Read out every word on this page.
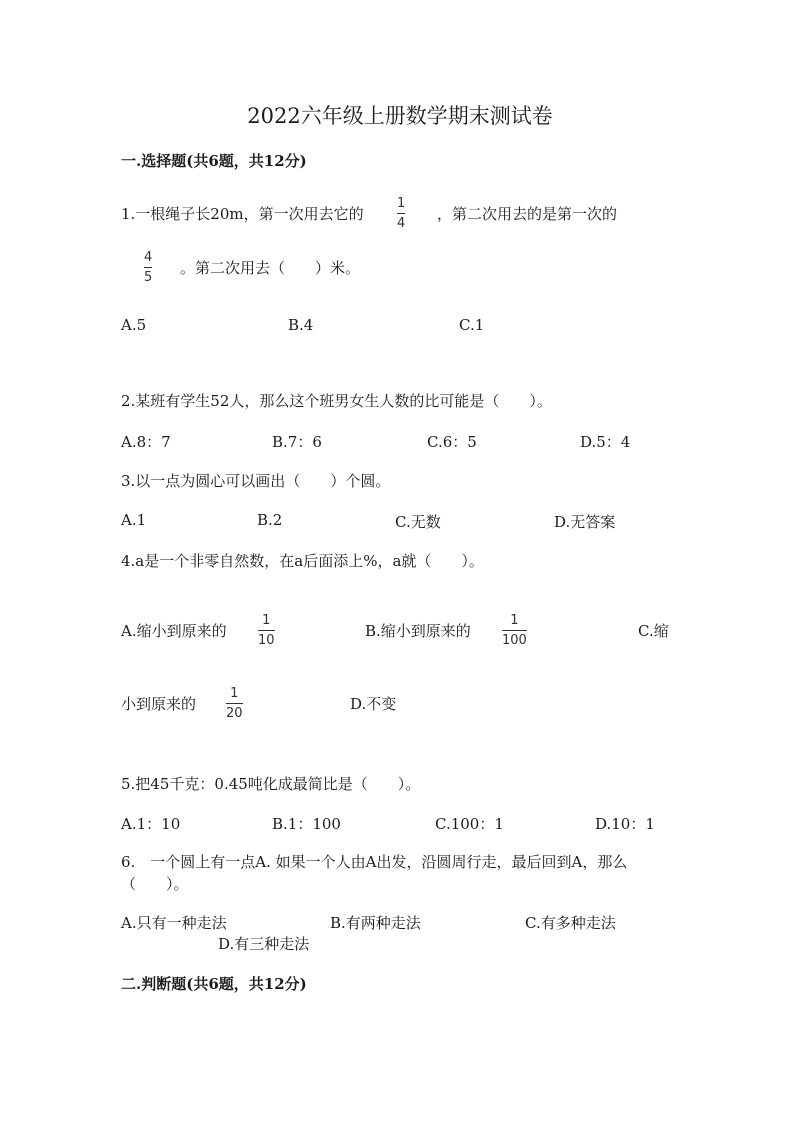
2022六年级上册数学期末测试卷
一.选择题(共6题，共12分)
1.一根绳子长20m，第一次用去它的
1
4
，第二次用去的是第一次的
4
5
。第二次用去（　　）米。
A.5	B.4	C.1
2.某班有学生52人，那么这个班男女生人数的比可能是（　　）。
A.8：7	B.7：6	C.6：5	D.5：4
3.以一点为圆心可以画出（　　）个圆。
A.1	B.2	C.无数	D.无答案
4.a是一个非零自然数，在a后面添上%，a就（　　）。
A.缩小到原来的
1
10
B.缩小到原来的
1
100
C.缩
小到原来的
1
20
D.不变
5.把45千克：0.45吨化成最简比是（　　）。
A.1：10	B.1：100	C.100：1	D.10：1
6.　一个圆上有一点A. 如果一个人由A出发，沿圆周行走，最后回到A，那么
（　　）。
A.只有一种走法	B.有两种走法	C.有多种走法
D.有三种走法
二.判断题(共6题，共12分)
